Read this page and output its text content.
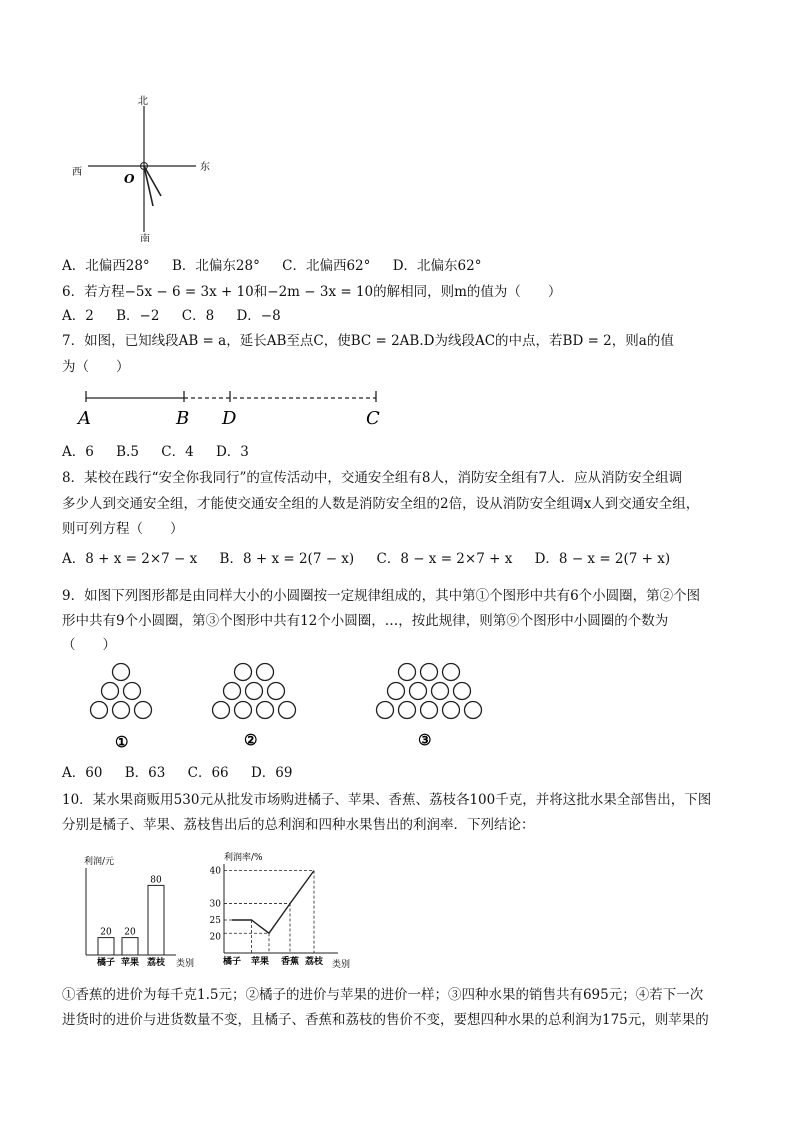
北
南
西	东
O
A．北偏西28° B．北偏东28° C．北偏西62° D．北偏东62°
6．若方程−5x − 6 = 3x + 10和−2m − 3x = 10的解相同，则m的值为（　　）
A．2 B．−2 C．8 D．−8
7．如图，已知线段AB = a，延长AB至点C，使BC = 2AB.D为线段AC的中点，若BD = 2，则a的值
为（　　）
A	B D	C
A．6 B.5 C．4 D．3
8．某校在践行“安全你我同行”的宣传活动中，交通安全组有8人，消防安全组有7人．应从消防安全组调
多少人到交通安全组，才能使交通安全组的人数是消防安全组的2倍，设从消防安全组调x人到交通安全组，
则可列方程（　　）
A．8 + x = 2×7 − x B．8 + x = 2(7 − x) C．8 − x = 2×7 + x D．8 − x = 2(7 + x)
9．如图下列图形都是由同样大小的小圆圈按一定规律组成的，其中第①个图形中共有6个小圆圈，第②个图
形中共有9个小圆圈，第③个图形中共有12个小圆圈，…，按此规律，则第⑨个图形中小圆圈的个数为
（　　）
①	②	③
A．60 B．63 C．66 D．69
10．某水果商贩用530元从批发市场购进橘子、苹果、香蕉、荔枝各100千克，并将这批水果全部售出，下图
分别是橘子、苹果、荔枝售出后的总利润和四种水果售出的利润率．下列结论：
利润/元
20
橘子
20
苹果
80
荔枝 类别
利润率/%
40
30
25
20
橘子 苹果 香蕉 荔枝 类别
①香蕉的进价为每千克1.5元；②橘子的进价与苹果的进价一样；③四种水果的销售共有695元；④若下一次
进货时的进价与进货数量不变，且橘子、香蕉和荔枝的售价不变，要想四种水果的总利润为175元，则苹果的
